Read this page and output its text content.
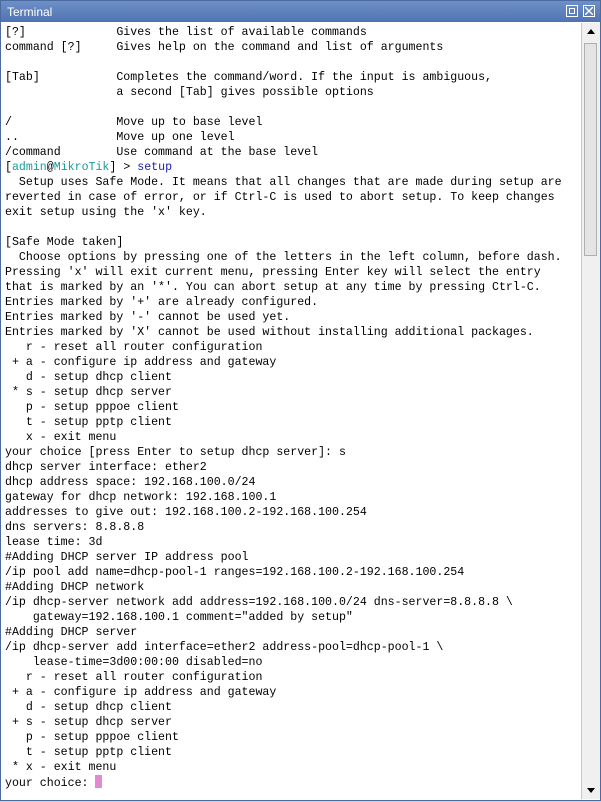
Terminal
[?]             Gives the list of available commands
command [?]     Gives help on the command and list of arguments
[Tab]           Completes the command/word. If the input is ambiguous,
a second [Tab] gives possible options
/               Move up to base level
..              Move up one level
/command        Use command at the base level
[admin@MikroTik] > setup
Setup uses Safe Mode. It means that all changes that are made during setup are
reverted in case of error, or if Ctrl-C is used to abort setup. To keep changes
exit setup using the 'x' key.
[Safe Mode taken]
Choose options by pressing one of the letters in the left column, before dash.
Pressing 'x' will exit current menu, pressing Enter key will select the entry
that is marked by an '*'. You can abort setup at any time by pressing Ctrl-C.
Entries marked by '+' are already configured.
Entries marked by '-' cannot be used yet.
Entries marked by 'X' cannot be used without installing additional packages.
r - reset all router configuration
+ a - configure ip address and gateway
d - setup dhcp client
* s - setup dhcp server
p - setup pppoe client
t - setup pptp client
x - exit menu
your choice [press Enter to setup dhcp server]: s
dhcp server interface: ether2
dhcp address space: 192.168.100.0/24
gateway for dhcp network: 192.168.100.1
addresses to give out: 192.168.100.2-192.168.100.254
dns servers: 8.8.8.8
lease time: 3d
#Adding DHCP server IP address pool
/ip pool add name=dhcp-pool-1 ranges=192.168.100.2-192.168.100.254
#Adding DHCP network
/ip dhcp-server network add address=192.168.100.0/24 dns-server=8.8.8.8 \
gateway=192.168.100.1 comment="added by setup"
#Adding DHCP server
/ip dhcp-server add interface=ether2 address-pool=dhcp-pool-1 \
lease-time=3d00:00:00 disabled=no
r - reset all router configuration
+ a - configure ip address and gateway
d - setup dhcp client
+ s - setup dhcp server
p - setup pppoe client
t - setup pptp client
* x - exit menu
your choice:
